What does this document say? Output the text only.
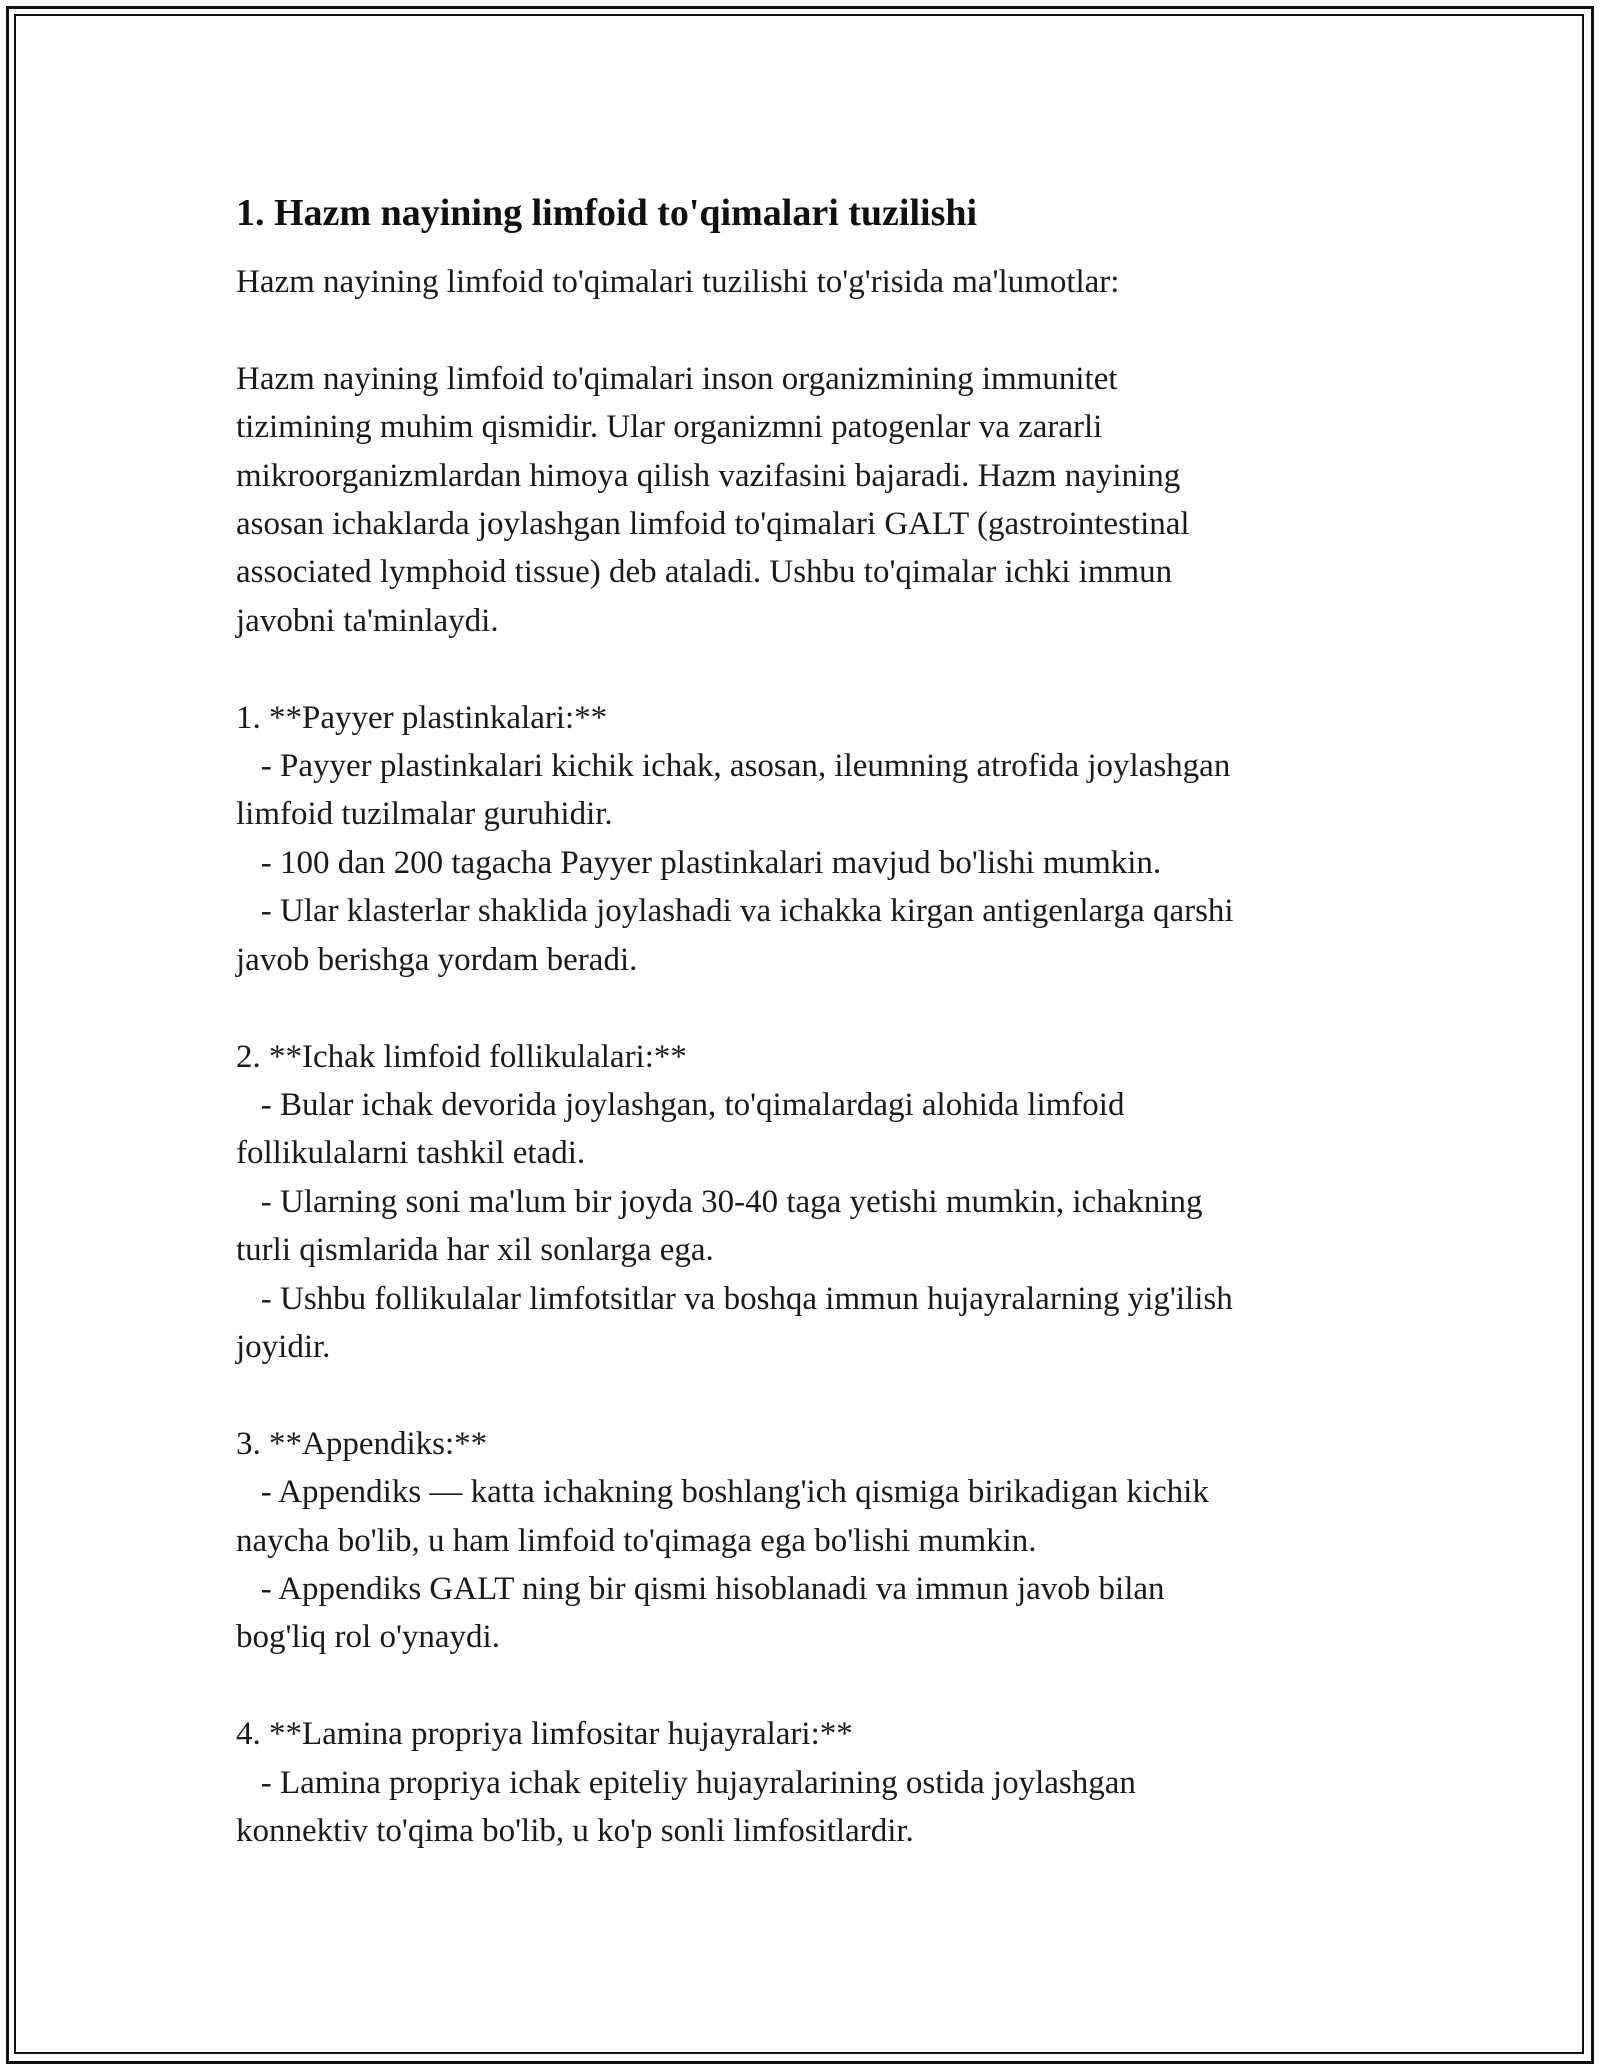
1. Hazm nayining limfoid to'qimalari tuzilishi

Hazm nayining limfoid to'qimalari tuzilishi to'g'risida ma'lumotlar:

Hazm nayining limfoid to'qimalari inson organizmining immunitet
tizimining muhim qismidir. Ular organizmni patogenlar va zararli
mikroorganizmlardan himoya qilish vazifasini bajaradi. Hazm nayining
asosan ichaklarda joylashgan limfoid to'qimalari GALT (gastrointestinal
associated lymphoid tissue) deb ataladi. Ushbu to'qimalar ichki immun
javobni ta'minlaydi.

1. **Payyer plastinkalari:**

- Payyer plastinkalari kichik ichak, asosan, ileumning atrofida joylashgan
limfoid tuzilmalar guruhidir.
- 100 dan 200 tagacha Payyer plastinkalari mavjud bo'lishi mumkin.
- Ular klasterlar shaklida joylashadi va ichakka kirgan antigenlarga qarshi
javob berishga yordam beradi.

2. **Ichak limfoid follikulalari:**

- Bular ichak devorida joylashgan, to'qimalardagi alohida limfoid
follikulalarni tashkil etadi.
- Ularning soni ma'lum bir joyda 30-40 taga yetishi mumkin, ichakning
turli qismlarida har xil sonlarga ega.
- Ushbu follikulalar limfotsitlar va boshqa immun hujayralarning yig'ilish
joyidir.

3. **Appendiks:**

- Appendiks — katta ichakning boshlang'ich qismiga birikadigan kichik
naycha bo'lib, u ham limfoid to'qimaga ega bo'lishi mumkin.
- Appendiks GALT ning bir qismi hisoblanadi va immun javob bilan
bog'liq rol o'ynaydi.

4. **Lamina propriya limfositar hujayralari:**

- Lamina propriya ichak epiteliy hujayralarining ostida joylashgan
konnektiv to'qima bo'lib, u ko'p sonli limfositlardir.
